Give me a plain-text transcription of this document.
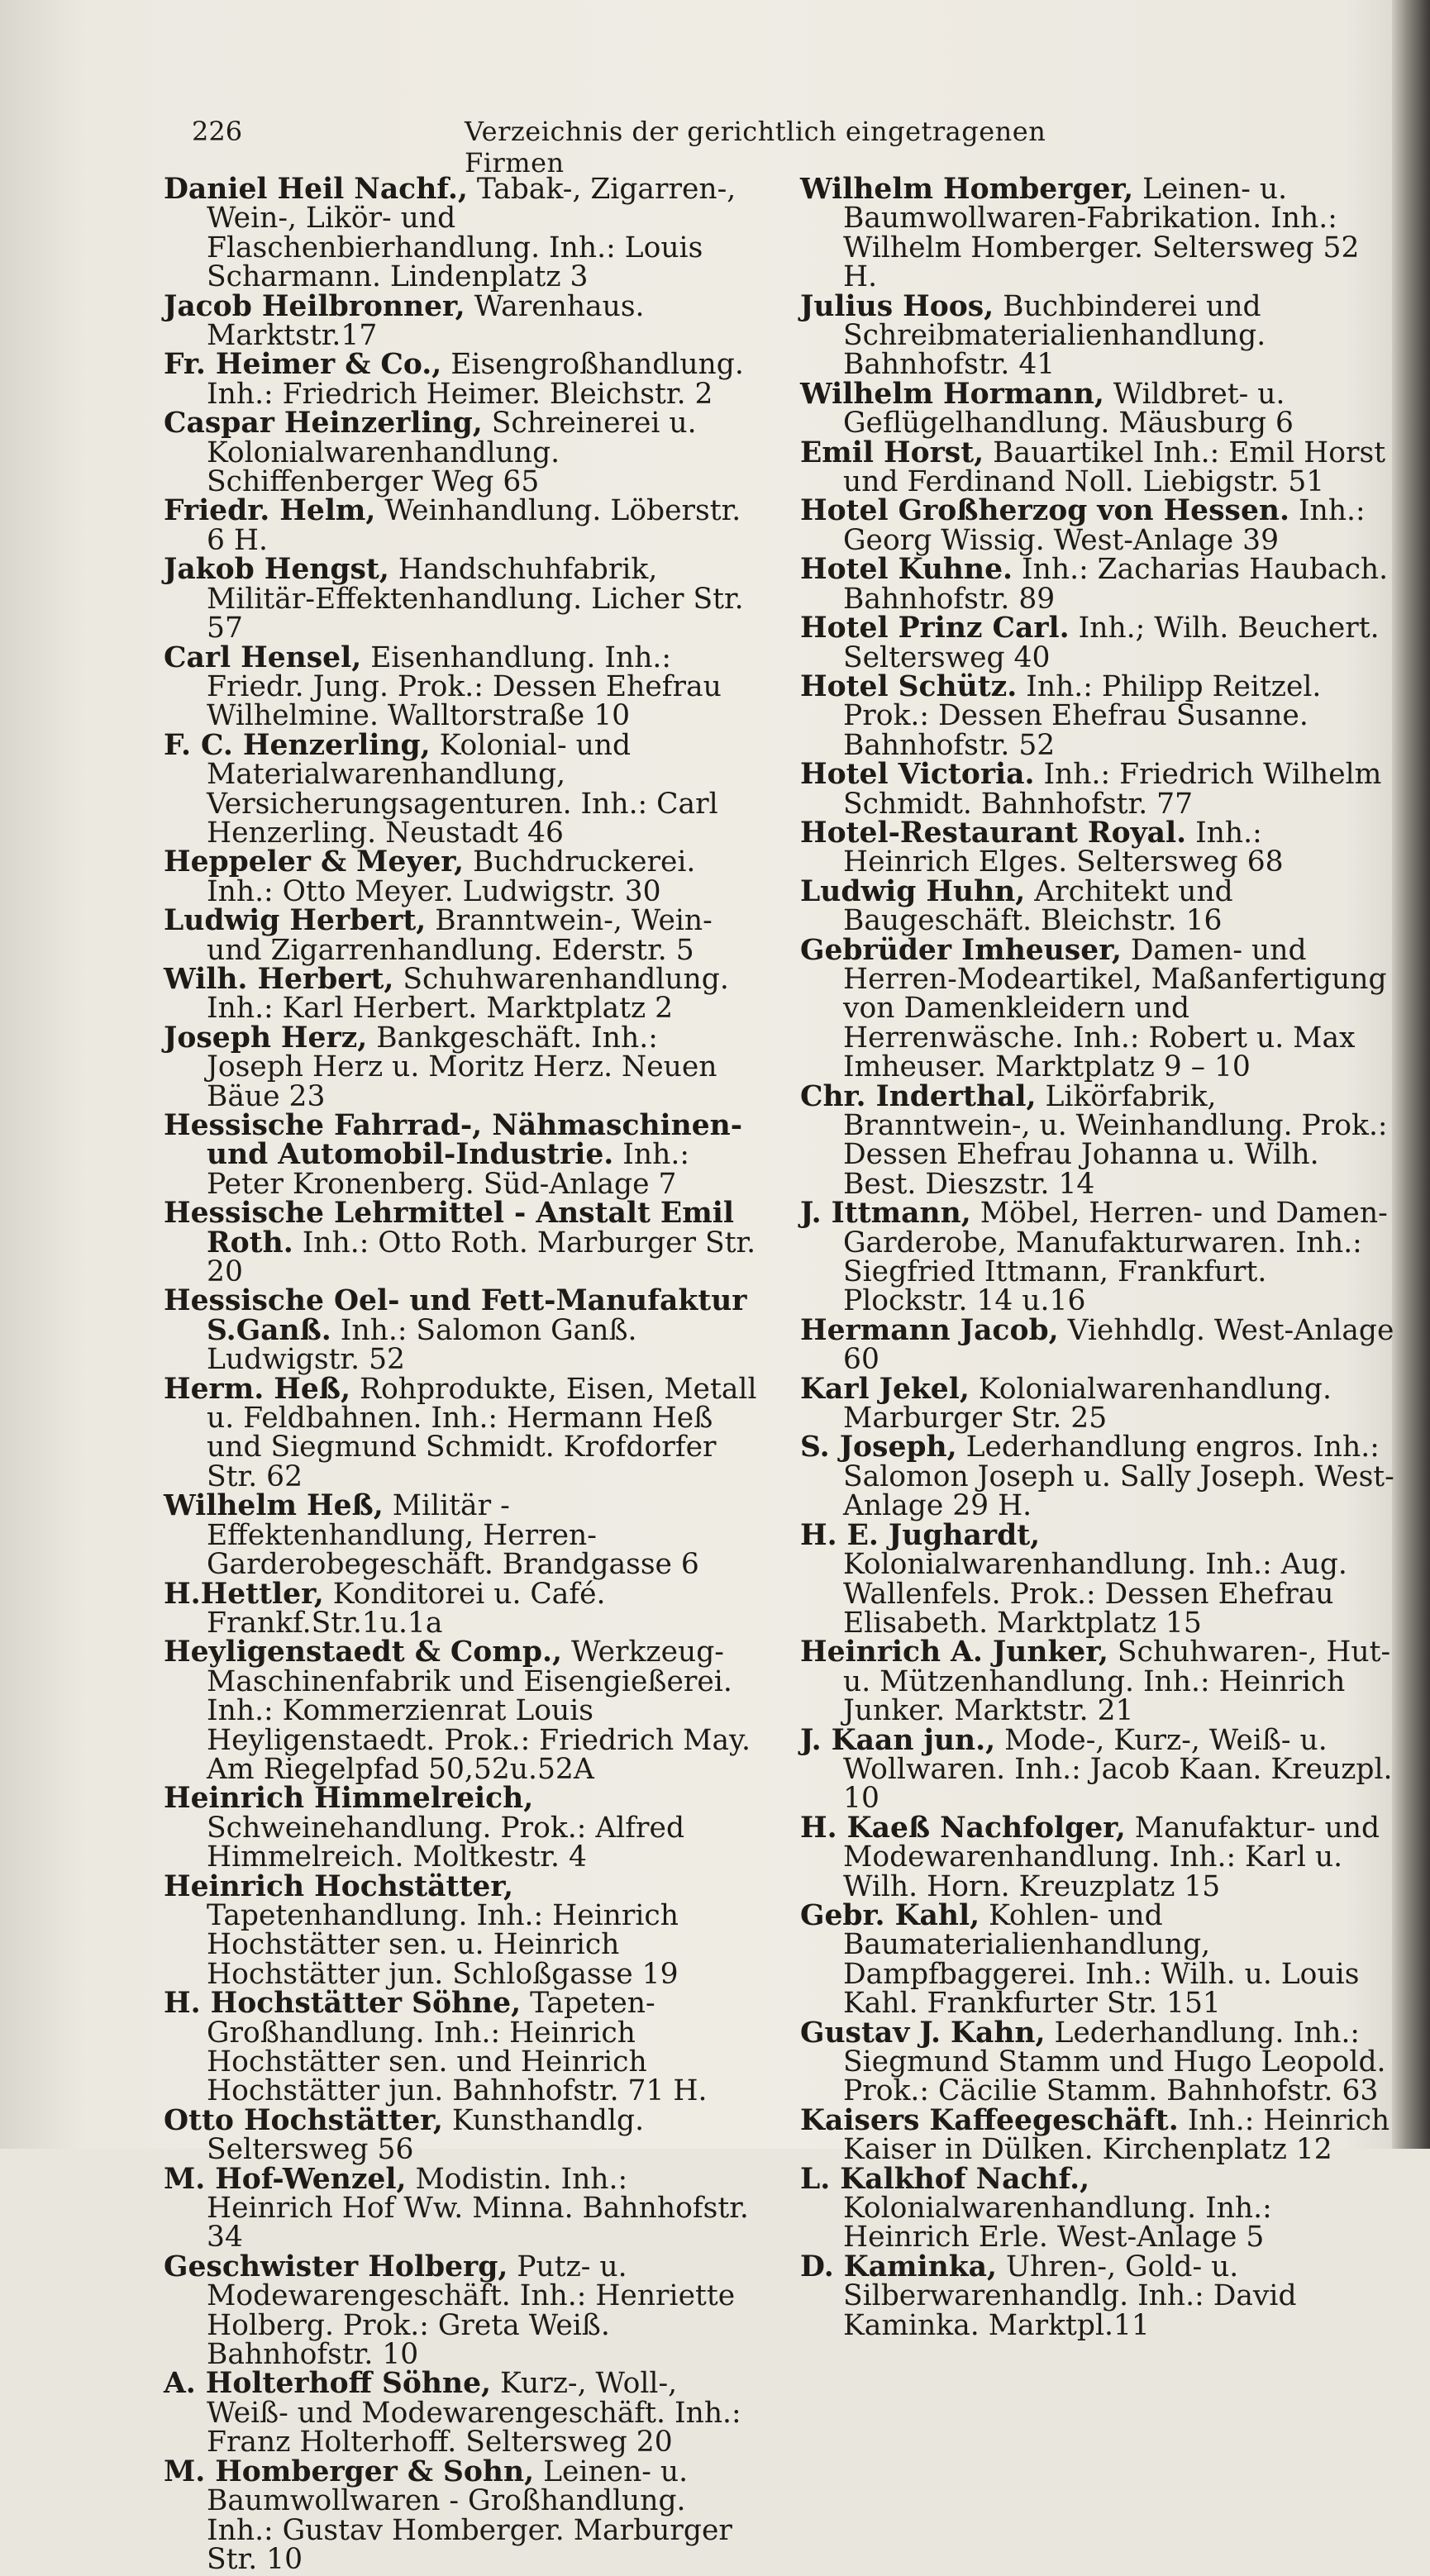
226	Verzeichnis der gerichtlich eingetragenen Firmen

Daniel Heil Nachf., Tabak-, Zigarren-, Wein-, Likör- und Flaschenbierhandlung. Inh.: Louis Scharmann. Lindenplatz 3

Jacob Heilbronner, Warenhaus. Marktstr.17

Fr. Heimer & Co., Eisengroßhandlung. Inh.: Friedrich Heimer. Bleichstr. 2

Caspar Heinzerling, Schreinerei u. Kolonialwarenhandlung. Schiffenberger Weg 65

Friedr. Helm, Weinhandlung. Löberstr. 6 H.

Jakob Hengst, Handschuhfabrik, Militär-Effektenhandlung. Licher Str. 57

Carl Hensel, Eisenhandlung. Inh.: Friedr. Jung. Prok.: Dessen Ehefrau Wilhelmine. Walltorstraße 10

F. C. Henzerling, Kolonial- und Materialwarenhandlung, Versicherungsagenturen. Inh.: Carl Henzerling. Neustadt 46

Heppeler & Meyer, Buchdruckerei. Inh.: Otto Meyer. Ludwigstr. 30

Ludwig Herbert, Branntwein-, Wein- und Zigarrenhandlung. Ederstr. 5

Wilh. Herbert, Schuhwarenhandlung. Inh.: Karl Herbert. Marktplatz 2

Joseph Herz, Bankgeschäft. Inh.: Joseph Herz u. Moritz Herz. Neuen Bäue 23

Hessische Fahrrad-, Nähmaschinen- und Automobil-Industrie. Inh.: Peter Kronenberg. Süd-Anlage 7

Hessische Lehrmittel - Anstalt Emil Roth. Inh.: Otto Roth. Marburger Str. 20

Hessische Oel- und Fett-Manufaktur S.Ganß. Inh.: Salomon Ganß. Ludwigstr. 52

Herm. Heß, Rohprodukte, Eisen, Metall u. Feldbahnen. Inh.: Hermann Heß und Siegmund Schmidt. Krofdorfer Str. 62

Wilhelm Heß, Militär - Effektenhandlung, Herren-Garderobegeschäft. Brandgasse 6

H.Hettler, Konditorei u. Café. Frankf.Str.1u.1a

Heyligenstaedt & Comp., Werkzeug-Maschinenfabrik und Eisengießerei. Inh.: Kommerzienrat Louis Heyligenstaedt. Prok.: Friedrich May. Am Riegelpfad 50,52u.52A

Heinrich Himmelreich, Schweinehandlung. Prok.: Alfred Himmelreich. Moltkestr. 4

Heinrich Hochstätter, Tapetenhandlung. Inh.: Heinrich Hochstätter sen. u. Heinrich Hochstätter jun. Schloßgasse 19

H. Hochstätter Söhne, Tapeten-Großhandlung. Inh.: Heinrich Hochstätter sen. und Heinrich Hochstätter jun. Bahnhofstr. 71 H.

Otto Hochstätter, Kunsthandlg. Seltersweg 56

M. Hof-Wenzel, Modistin. Inh.: Heinrich Hof Ww. Minna. Bahnhofstr. 34

Geschwister Holberg, Putz- u. Modewarengeschäft. Inh.: Henriette Holberg. Prok.: Greta Weiß. Bahnhofstr. 10

A. Holterhoff Söhne, Kurz-, Woll-, Weiß- und Modewarengeschäft. Inh.: Franz Holterhoff. Seltersweg 20

M. Homberger & Sohn, Leinen- u. Baumwollwaren - Großhandlung. Inh.: Gustav Homberger. Marburger Str. 10

Wilhelm Homberger, Leinen- u. Baumwollwaren-Fabrikation. Inh.: Wilhelm Homberger. Seltersweg 52 H.

Julius Hoos, Buchbinderei und Schreibmaterialienhandlung. Bahnhofstr. 41

Wilhelm Hormann, Wildbret- u. Geflügelhandlung. Mäusburg 6

Emil Horst, Bauartikel Inh.: Emil Horst und Ferdinand Noll. Liebigstr. 51

Hotel Großherzog von Hessen. Inh.: Georg Wissig. West-Anlage 39

Hotel Kuhne. Inh.: Zacharias Haubach. Bahnhofstr. 89

Hotel Prinz Carl. Inh.; Wilh. Beuchert. Seltersweg 40

Hotel Schütz. Inh.: Philipp Reitzel. Prok.: Dessen Ehefrau Susanne. Bahnhofstr. 52

Hotel Victoria. Inh.: Friedrich Wilhelm Schmidt. Bahnhofstr. 77

Hotel-Restaurant Royal. Inh.: Heinrich Elges. Seltersweg 68

Ludwig Huhn, Architekt und Baugeschäft. Bleichstr. 16

Gebrüder Imheuser, Damen- und Herren-Modeartikel, Maßanfertigung von Damenkleidern und Herrenwäsche. Inh.: Robert u. Max Imheuser. Marktplatz 9 – 10

Chr. Inderthal, Likörfabrik, Branntwein-, u. Weinhandlung. Prok.: Dessen Ehefrau Johanna u. Wilh. Best. Dieszstr. 14

J. Ittmann, Möbel, Herren- und Damen-Garderobe, Manufakturwaren. Inh.: Siegfried Ittmann, Frankfurt. Plockstr. 14 u.16

Hermann Jacob, Viehhdlg. West-Anlage 60

Karl Jekel, Kolonialwarenhandlung. Marburger Str. 25

S. Joseph, Lederhandlung engros. Inh.: Salomon Joseph u. Sally Joseph. West-Anlage 29 H.

H. E. Jughardt, Kolonialwarenhandlung. Inh.: Aug. Wallenfels. Prok.: Dessen Ehefrau Elisabeth. Marktplatz 15

Heinrich A. Junker, Schuhwaren-, Hut- u. Mützenhandlung. Inh.: Heinrich Junker. Marktstr. 21

J. Kaan jun., Mode-, Kurz-, Weiß- u. Wollwaren. Inh.: Jacob Kaan. Kreuzpl. 10

H. Kaeß Nachfolger, Manufaktur- und Modewarenhandlung. Inh.: Karl u. Wilh. Horn. Kreuzplatz 15

Gebr. Kahl, Kohlen- und Baumaterialienhandlung, Dampfbaggerei. Inh.: Wilh. u. Louis Kahl. Frankfurter Str. 151

Gustav J. Kahn, Lederhandlung. Inh.: Siegmund Stamm und Hugo Leopold. Prok.: Cäcilie Stamm. Bahnhofstr. 63

Kaisers Kaffeegeschäft. Inh.: Heinrich Kaiser in Dülken. Kirchenplatz 12

L. Kalkhof Nachf., Kolonialwarenhandlung. Inh.: Heinrich Erle. West-Anlage 5

D. Kaminka, Uhren-, Gold- u. Silberwarenhandlg. Inh.: David Kaminka. Marktpl.11
